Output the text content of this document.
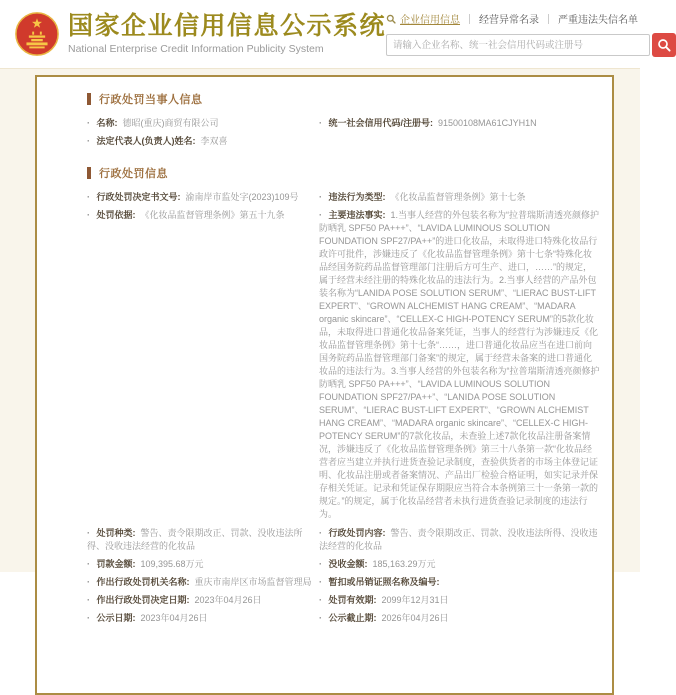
国家企业信用信息公示系统
National Enterprise Credit Information Publicity System
企业信用信息 经营异常名录 严重违法失信名单
请输入企业名称、统一社会信用代码或注册号
行政处罚当事人信息
· 名称: 德昭(重庆)商贸有限公司
· 法定代表人(负责人)姓名: 李双喜
· 统一社会信用代码/注册号: 91500108MA61CJYH1N
行政处罚信息
· 行政处罚决定书文号: 渝南岸市监处字(2023)109号
· 处罚依据: 《化妆品监督管理条例》第五十九条
· 处罚种类: 警告、责令限期改正、罚款、没收违法所得、没收违法经营的化妆品
· 罚款金额: 109,395.68万元
· 作出行政处罚机关名称: 重庆市南岸区市场监督管理局
· 作出行政处罚决定日期: 2023年04月26日
· 公示日期: 2023年04月26日
· 违法行为类型: 《化妆品监督管理条例》第十七条
· 主要违法事实: 1.当事人经营的外包装名称为“拉普瑞斯清透亮颜修护防晒乳 SPF50 PA+++”、“LAVIDA LUMINOUS SOLUTION FOUNDATION SPF27/PA++”的进口化妆品，未取得进口特殊化妆品行政许可批件，涉嫌违反了《化妆品监督管理条例》第十七条“特殊化妆品经国务院药品监督管理部门注册后方可生产、进口，……”的规定，属于经营未经注册的特殊化妆品的违法行为。2.当事人经营的产品外包装名称为“LANIDA POSE SOLUTION SERUM”、“LIERAC BUST-LIFT EXPERT”、“GROWN ALCHEMIST HANG CREAM”、“MADARA organic skincare”、“CELLEX-C HIGH-POTENCY SERUM”的5款化妆品，未取得进口普通化妆品备案凭证，当事人的经营行为涉嫌违反《化妆品监督管理条例》第十七条“……，进口普通化妆品应当在进口前向国务院药品监督管理部门备案”的规定，属于经营未备案的进口普通化妆品的违法行为。3.当事人经营的外包装名称为“拉普瑞斯清透亮颜修护防晒乳 SPF50 PA+++”、“LAVIDA LUMINOUS SOLUTION FOUNDATION SPF27/PA++”、“LANIDA POSE SOLUTION SERUM”、“LIERAC BUST-LIFT EXPERT”、“GROWN ALCHEMIST HANG CREAM”、“MADARA organic skincare”、“CELLEX-C HIGH-POTENCY SERUM”的7款化妆品，未查验上述7款化妆品注册备案情况，涉嫌违反了《化妆品监督管理条例》第三十八条第一款“化妆品经营者应当建立并执行进货查验记录制度，查验供货者的市场主体登记证明、化妆品注册或者备案情况、产品出厂检验合格证明，如实记录并保存相关凭证。记录和凭证保存期限应当符合本条例第三十一条第一款的规定。”的规定，属于化妆品经营者未执行进货查验记录制度的违法行为。
· 行政处罚内容: 警告、责令限期改正、罚款、没收违法所得、没收违法经营的化妆品
· 没收金额: 185,163.29万元
· 暂扣或吊销证照名称及编号:
· 处罚有效期: 2099年12月31日
· 公示截止期: 2026年04月26日
